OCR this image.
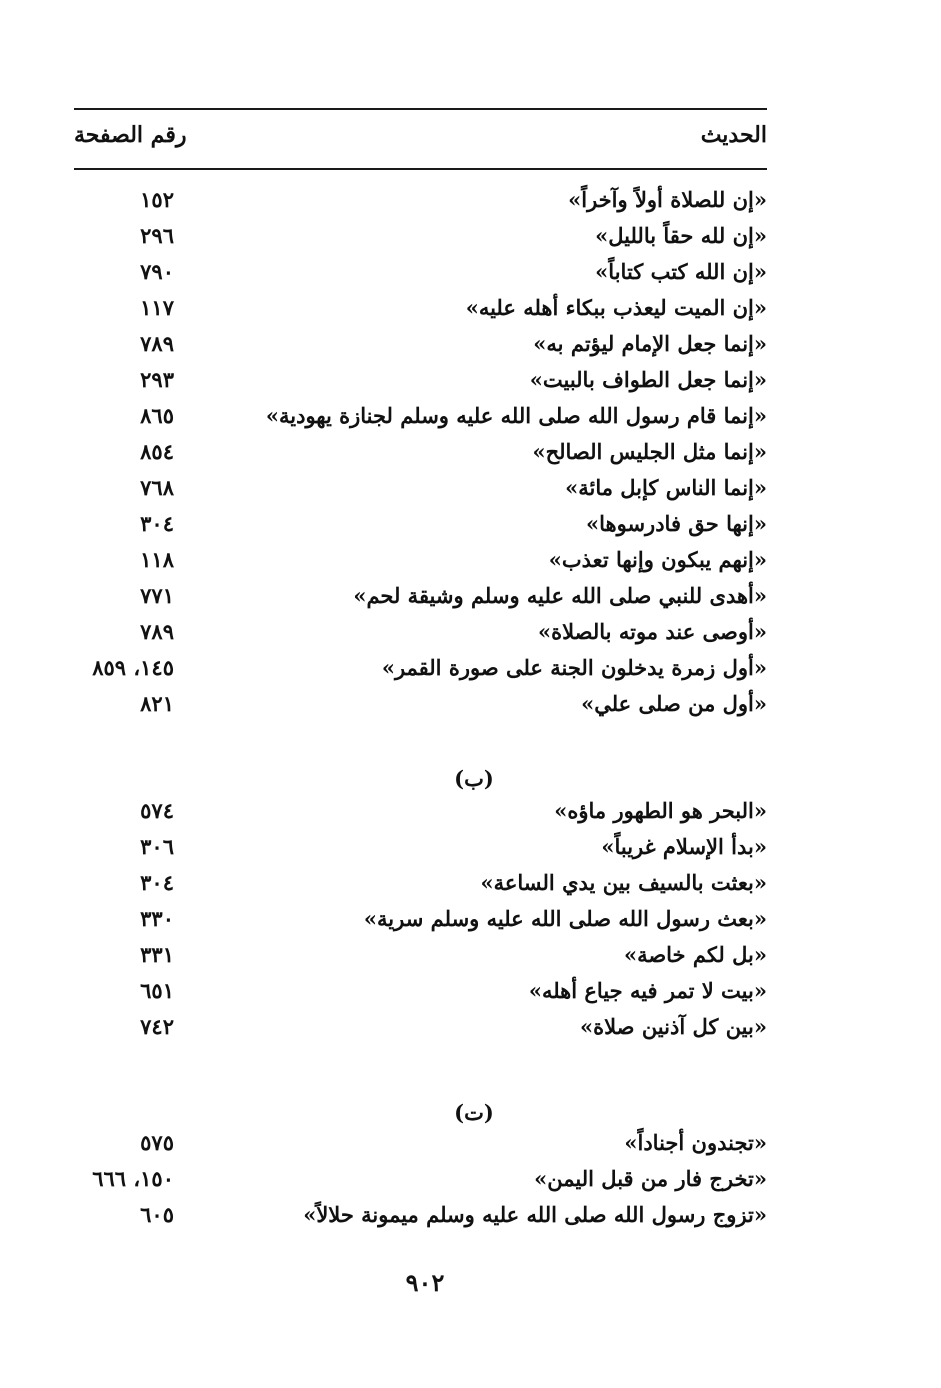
الحديث
رقم الصفحة
«إن للصلاة أولاً وآخراً»
١٥٢
«إن لله حقاً بالليل»
٢٩٦
«إن الله كتب كتاباً»
٧٩٠
«إن الميت ليعذب ببكاء أهله عليه»
١١٧
«إنما جعل الإمام ليؤتم به»
٧٨٩
«إنما جعل الطواف بالبيت»
٢٩٣
«إنما قام رسول الله صلى الله عليه وسلم لجنازة يهودية»
٨٦٥
«إنما مثل الجليس الصالح»
٨٥٤
«إنما الناس كإبل مائة»
٧٦٨
«إنها حق فادرسوها»
٣٠٤
«إنهم يبكون وإنها تعذب»
١١٨
«أهدى للنبي صلى الله عليه وسلم وشيقة لحم»
٧٧١
«أوصى عند موته بالصلاة»
٧٨٩
«أول زمرة يدخلون الجنة على صورة القمر»
١٤٥، ٨٥٩
«أول من صلى علي»
٨٢١
(ب)
«البحر هو الطهور ماؤه»
٥٧٤
«بدأ الإسلام غريباً»
٣٠٦
«بعثت بالسيف بين يدي الساعة»
٣٠٤
«بعث رسول الله صلى الله عليه وسلم سرية»
٣٣٠
«بل لكم خاصة»
٣٣١
«بيت لا تمر فيه جياع أهله»
٦٥١
«بين كل آذنين صلاة»
٧٤٢
(ت)
«تجندون أجناداً»
٥٧٥
«تخرج فار من قبل اليمن»
١٥٠، ٦٦٦
«تزوج رسول الله صلى الله عليه وسلم ميمونة حلالاً»
٦٠٥
٩٠٢
